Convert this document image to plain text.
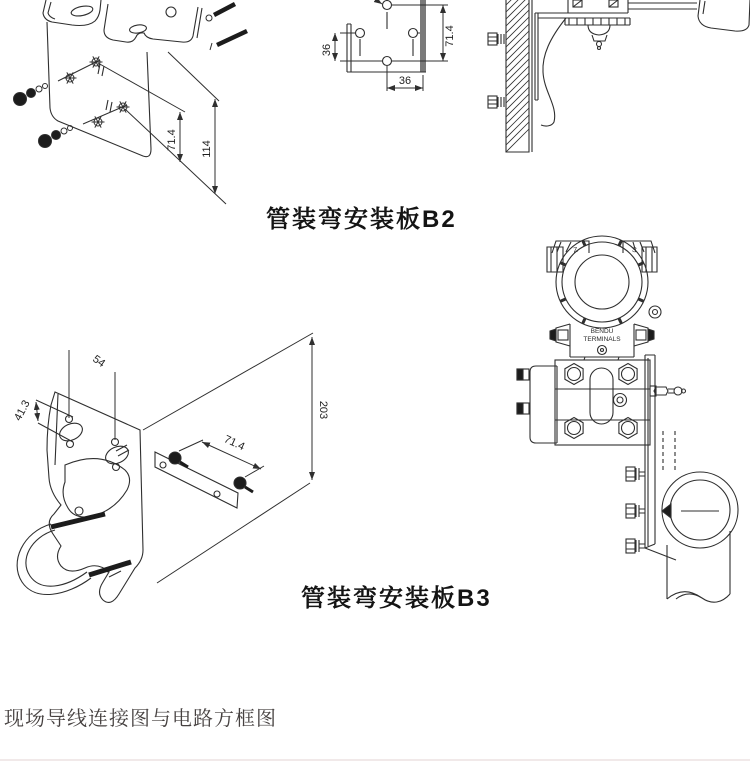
71.4 114
36
71.4
36
管装弯安装板B2
Z	S
BENDU
TERMINALS
54
41.3	203
71.4
管装弯安装板B3
现场导线连接图与电路方框图
